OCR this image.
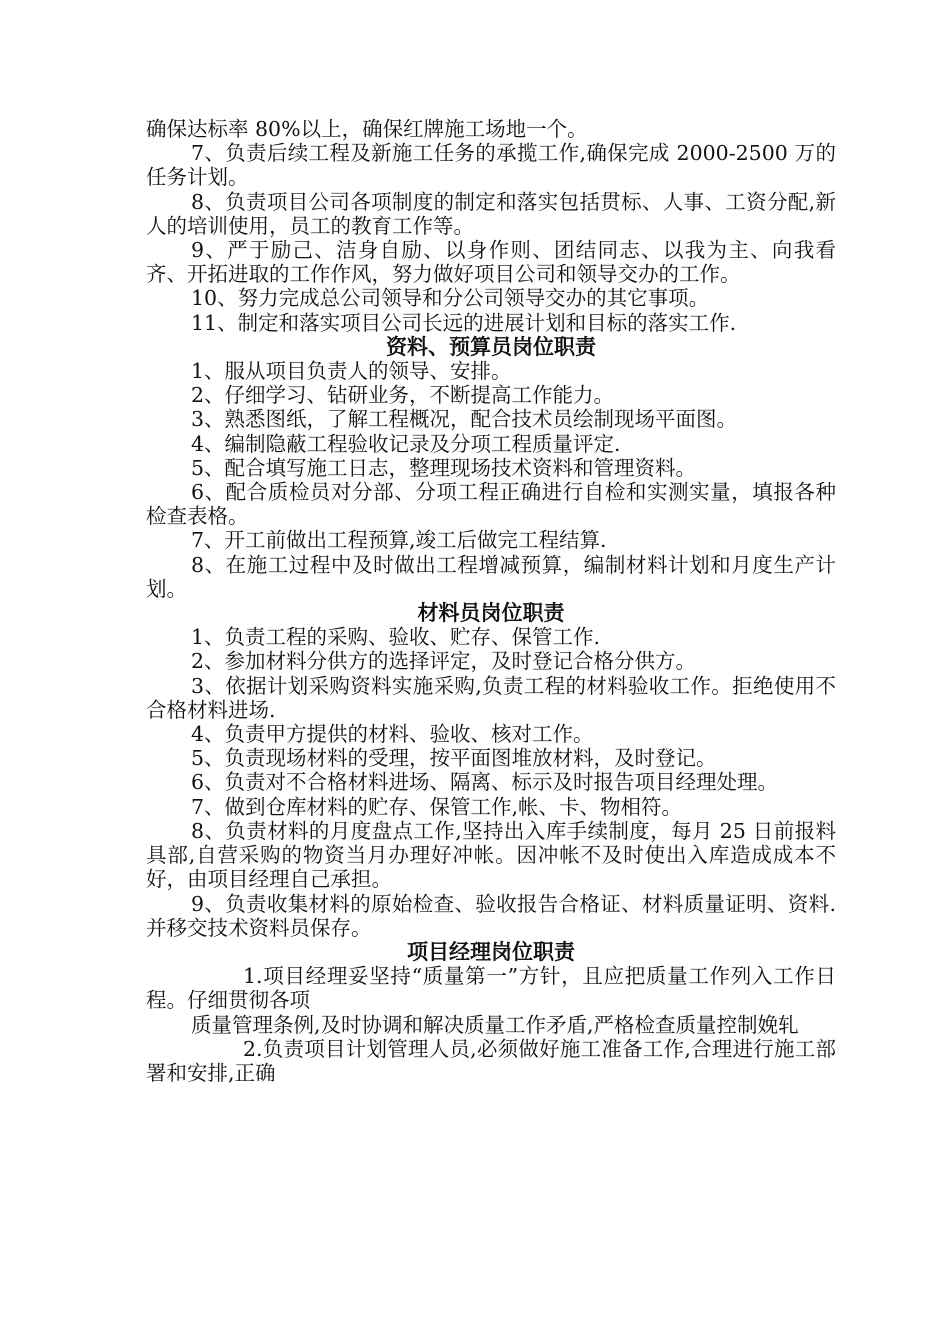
确保达标率 80%以上，确保红牌施工场地一个。

7、负责后续工程及新施工任务的承揽工作,确保完成 2000-2500 万的任务计划。

8、负责项目公司各项制度的制定和落实包括贯标、人事、工资分配,新人的培训使用，员工的教育工作等。

9、严于励己、洁身自励、以身作则、团结同志、以我为主、向我看齐、开拓进取的工作作风，努力做好项目公司和领导交办的工作。

10、努力完成总公司领导和分公司领导交办的其它事项。

11、制定和落实项目公司长远的进展计划和目标的落实工作.

资料、预算员岗位职责

1、服从项目负责人的领导、安排。

2、仔细学习、钻研业务，不断提高工作能力。

3、熟悉图纸，了解工程概况，配合技术员绘制现场平面图。

4、编制隐蔽工程验收记录及分项工程质量评定.

5、配合填写施工日志，整理现场技术资料和管理资料。

6、配合质检员对分部、分项工程正确进行自检和实测实量，填报各种检查表格。

7、开工前做出工程预算,竣工后做完工程结算.

8、在施工过程中及时做出工程增减预算，编制材料计划和月度生产计划。

材料员岗位职责

1、负责工程的采购、验收、贮存、保管工作.

2、参加材料分供方的选择评定，及时登记合格分供方。

3、依据计划采购资料实施采购,负责工程的材料验收工作。拒绝使用不合格材料进场.

4、负责甲方提供的材料、验收、核对工作。

5、负责现场材料的受理，按平面图堆放材料，及时登记。

6、负责对不合格材料进场、隔离、标示及时报告项目经理处理。

7、做到仓库材料的贮存、保管工作,帐、卡、物相符。

8、负责材料的月度盘点工作,坚持出入库手续制度，每月 25 日前报料具部,自营采购的物资当月办理好冲帐。因冲帐不及时使出入库造成成本不好，由项目经理自己承担。

9、负责收集材料的原始检查、验收报告合格证、材料质量证明、资料.并移交技术资料员保存。

项目经理岗位职责

1.项目经理妥坚持“质量第一”方针，且应把质量工作列入工作日程。仔细贯彻各项

质量管理条例,及时协调和解决质量工作矛盾,严格检查质量控制娩轧

2.负责项目计划管理人员,必须做好施工准备工作,合理进行施工部署和安排,正确
